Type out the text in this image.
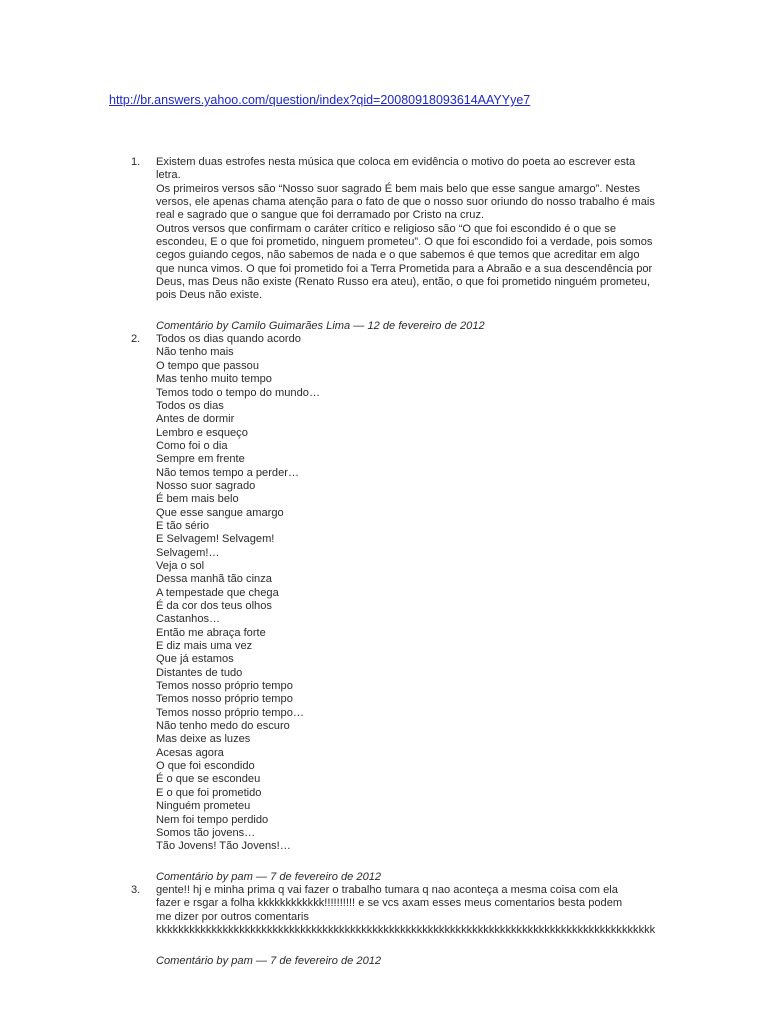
http://br.answers.yahoo.com/question/index?qid=20080918093614AAYYye7
1. Existem duas estrofes nesta música que coloca em evidência o motivo do poeta ao escrever esta letra.

Os primeiros versos são “Nosso suor sagrado É bem mais belo que esse sangue amargo”. Nestes versos, ele apenas chama atenção para o fato de que o nosso suor oriundo do nosso trabalho é mais real e sagrado que o sangue que foi derramado por Cristo na cruz.

Outros versos que confirmam o caráter crítico e religioso são “O que foi escondido é o que se escondeu, E o que foi prometido, ninguem prometeu”. O que foi escondido foi a verdade, pois somos cegos guiando cegos, não sabemos de nada e o que sabemos é que temos que acreditar em algo que nunca vimos. O que foi prometido foi a Terra Prometida para a Abraão e a sua descendência por Deus, mas Deus não existe (Renato Russo era ateu), então, o que foi prometido ninguém prometeu, pois Deus não existe.

Comentário by Camilo Guimarães Lima — 12 de fevereiro de 2012

2. Todos os dias quando acordo

Não tenho mais

O tempo que passou

Mas tenho muito tempo

Temos todo o tempo do mundo…

Todos os dias

Antes de dormir

Lembro e esqueço

Como foi o dia

Sempre em frente

Não temos tempo a perder…

Nosso suor sagrado

É bem mais belo

Que esse sangue amargo

E tão sério

E Selvagem! Selvagem!

Selvagem!…

Veja o sol

Dessa manhã tão cinza

A tempestade que chega

É da cor dos teus olhos

Castanhos…

Então me abraça forte

E diz mais uma vez

Que já estamos

Distantes de tudo

Temos nosso próprio tempo

Temos nosso próprio tempo

Temos nosso próprio tempo…

Não tenho medo do escuro

Mas deixe as luzes

Acesas agora

O que foi escondido

É o que se escondeu

E o que foi prometido

Ninguém prometeu

Nem foi tempo perdido

Somos tão jovens…

Tão Jovens! Tão Jovens!…

Comentário by pam — 7 de fevereiro de 2012

3. gente!! hj e minha prima q vai fazer o trabalho tumara q nao aconteça a mesma coisa com ela

fazer e rsgar a folha kkkkkkkkkkkk!!!!!!!!!! e se vcs axam esses meus comentarios besta podem

me dizer por outros comentaris

kkkkkkkkkkkkkkkkkkkkkkkkkkkkkkkkkkkkkkkkkkkkkkkkkkkkkkkkkkkkkkkkkkkkkkkkkkkkkkkkkkkkkkkkkk

Comentário by pam — 7 de fevereiro de 2012
